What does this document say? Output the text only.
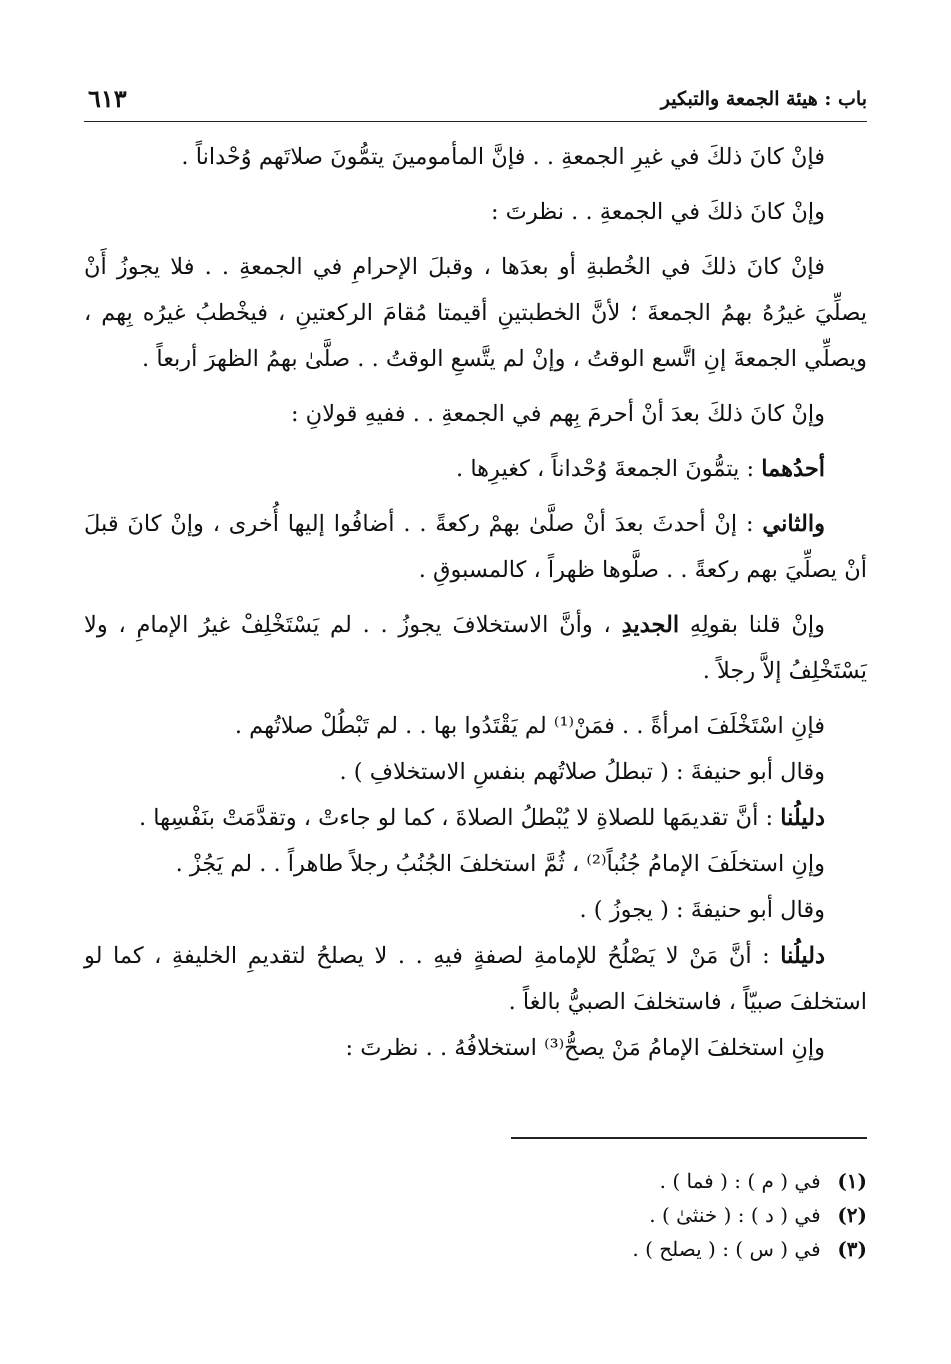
باب : هيئة الجمعة والتبكير
٦١٣

فإنْ كانَ ذلكَ في غيرِ الجمعةِ . . فإنَّ المأمومينَ يتمُّونَ صلاتَهم وُحْداناً .

وإنْ كانَ ذلكَ في الجمعةِ . . نظرتَ :

فإنْ كانَ ذلكَ في الخُطبةِ أو بعدَها ، وقبلَ الإحرامِ في الجمعةِ . . فلا يجوزُ أَنْ يصلِّيَ غيرُهُ بهمُ الجمعةَ ؛ لأنَّ الخطبتينِ أقيمتا مُقامَ الركعتينِ ، فيخْطبُ غيرُه بِهم ، ويصلِّي الجمعةَ إنِ اتَّسع الوقتُ ، وإنْ لم يتَّسعِ الوقتُ . . صلَّىٰ بهمُ الظهرَ أربعاً .

وإنْ كانَ ذلكَ بعدَ أنْ أحرمَ بِهم في الجمعةِ . . ففيهِ قولانِ :

أحدُهما : يتمُّونَ الجمعةَ وُحْداناً ، كغيرِها .

والثاني : إنْ أحدثَ بعدَ أنْ صلَّىٰ بهمْ ركعةً . . أضافُوا إليها أُخرى ، وإنْ كانَ قبلَ أنْ يصلِّيَ بهم ركعةً . . صلَّوها ظهراً ، كالمسبوقِ .

وإنْ قلنا بقولِهِ الجديدِ ، وأنَّ الاستخلافَ يجوزُ . . لم يَسْتَخْلِفْ غيرُ الإمامِ ، ولا يَسْتَخْلِفُ إلاَّ رجلاً .

فإنِ اسْتَخْلَفَ امرأةً . . فمَنْ⁽¹⁾ لم يَقْتَدُوا بها . . لم تَبْطُلْ صلاتُهم .

وقال أبو حنيفةَ : ( تبطلُ صلاتُهم بنفسِ الاستخلافِ ) .

دليلُنا : أنَّ تقديمَها للصلاةِ لا يُبْطلُ الصلاةَ ، كما لو جاءتْ ، وتقدَّمَتْ بنَفْسِها .

وإنِ استخلَفَ الإمامُ جُنُباً⁽²⁾ ، ثُمَّ استخلفَ الجُنُبُ رجلاً طاهراً . . لم يَجُزْ .

وقال أبو حنيفةَ : ( يجوزُ ) .

دليلُنا : أنَّ مَنْ لا يَصْلُحُ للإمامةِ لصفةٍ فيهِ . . لا يصلحُ لتقديمِ الخليفةِ ، كما لو استخلفَ صبيّاً ، فاستخلفَ الصبيُّ بالغاً .

وإنِ استخلفَ الإمامُ مَنْ يصحُّ⁽³⁾ استخلافُهُ . . نظرتَ :

(١) في ( م ) : ( فما ) .
(٢) في ( د ) : ( خنثىٰ ) .
(٣) في ( س ) : ( يصلح ) .
